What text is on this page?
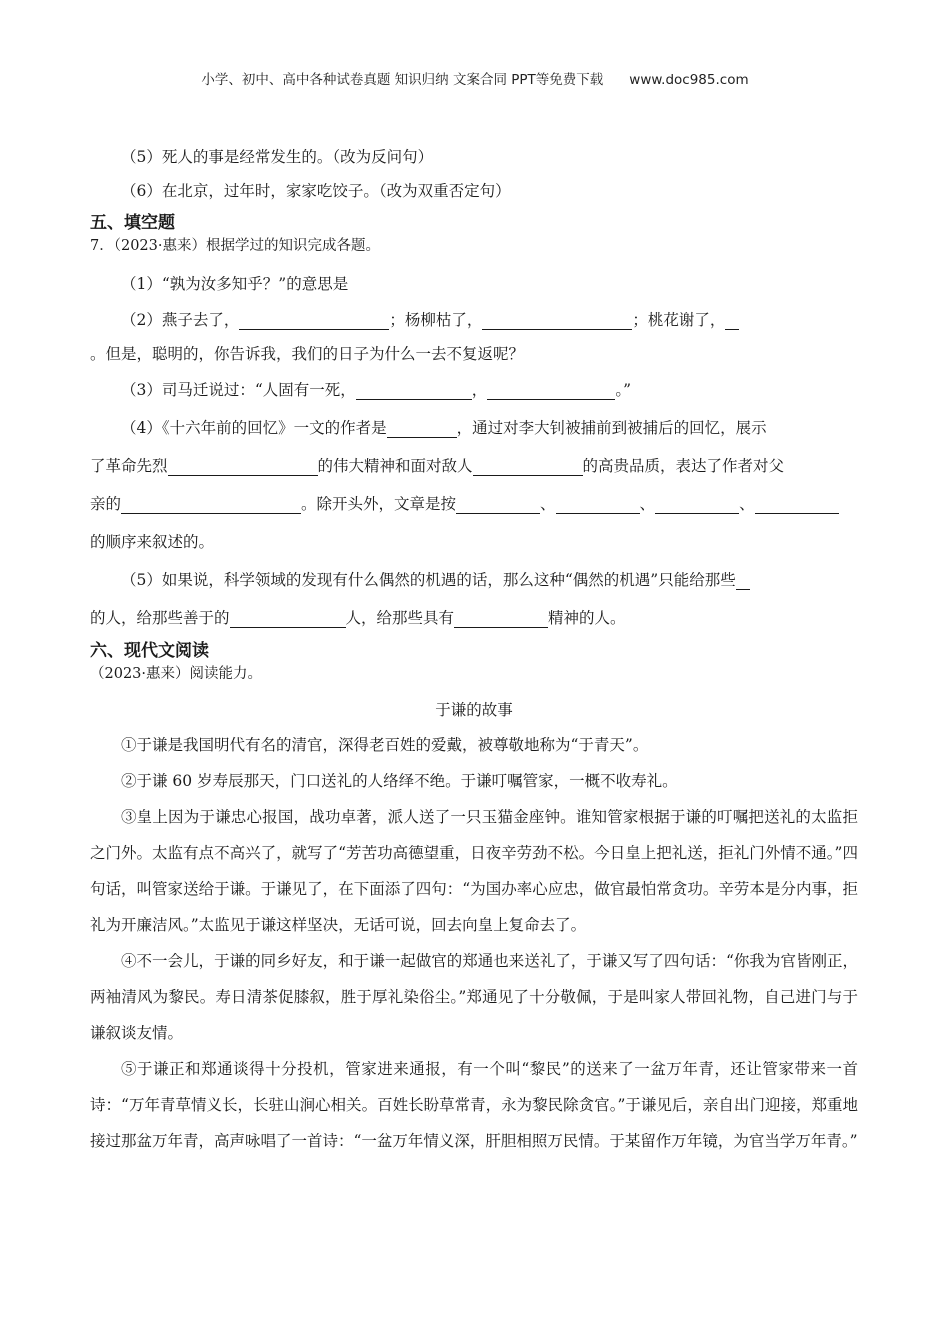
小学、初中、高中各种试卷真题 知识归纳 文案合同 PPT等免费下载 www.doc985.com
（5）死人的事是经常发生的。（改为反问句）
（6）在北京，过年时，家家吃饺子。（改为双重否定句）
五、填空题
7．（2023·惠来）根据学过的知识完成各题。
（1）“孰为汝多知乎？”的意思是
（2）燕子去了，	；杨柳枯了，	；桃花谢了，
。但是，聪明的，你告诉我，我们的日子为什么一去不复返呢？
（3）司马迁说过：“人固有一死，	，	。”
（4）《十六年前的回忆》一文的作者是	，通过对李大钊被捕前到被捕后的回忆，展示
了革命先烈	的伟大精神和面对敌人	的高贵品质，表达了作者对父
亲的	。除开头外，文章是按	、	、	、
的顺序来叙述的。
（5）如果说，科学领域的发现有什么偶然的机遇的话，那么这种“偶然的机遇”只能给那些
的人，给那些善于的	人，给那些具有	精神的人。
六、现代文阅读
（2023·惠来）阅读能力。
于谦的故事
①于谦是我国明代有名的清官，深得老百姓的爱戴，被尊敬地称为“于青天”。
②于谦 60 岁寿辰那天，门口送礼的人络绎不绝。于谦叮嘱管家，一概不收寿礼。
③皇上因为于谦忠心报国，战功卓著，派人送了一只玉猫金座钟。谁知管家根据于谦的叮嘱把送礼的太监拒之门外。太监有点不高兴了，就写了“芳苦功高德望重，日夜辛劳劲不松。今日皇上把礼送，拒礼门外情不通。”四句话，叫管家送给于谦。于谦见了，在下面添了四句：“为国办率心应忠，做官最怕常贪功。辛劳本是分内事，拒礼为开廉洁风。”太监见于谦这样坚决，无话可说，回去向皇上复命去了。
④不一会儿，于谦的同乡好友，和于谦一起做官的郑通也来送礼了，于谦又写了四句话：“你我为官皆刚正，两袖清风为黎民。寿日清茶促膝叙，胜于厚礼染俗尘。”郑通见了十分敬佩，于是叫家人带回礼物，自己进门与于谦叙谈友情。
⑤于谦正和郑通谈得十分投机，管家进来通报，有一个叫“黎民”的送来了一盆万年青，还让管家带来一首诗：“万年青草情义长，长驻山涧心相关。百姓长盼草常青，永为黎民除贪官。”于谦见后，亲自出门迎接，郑重地接过那盆万年青，高声咏唱了一首诗：“一盆万年情义深，肝胆相照万民情。于某留作万年镜，为官当学万年青。”
